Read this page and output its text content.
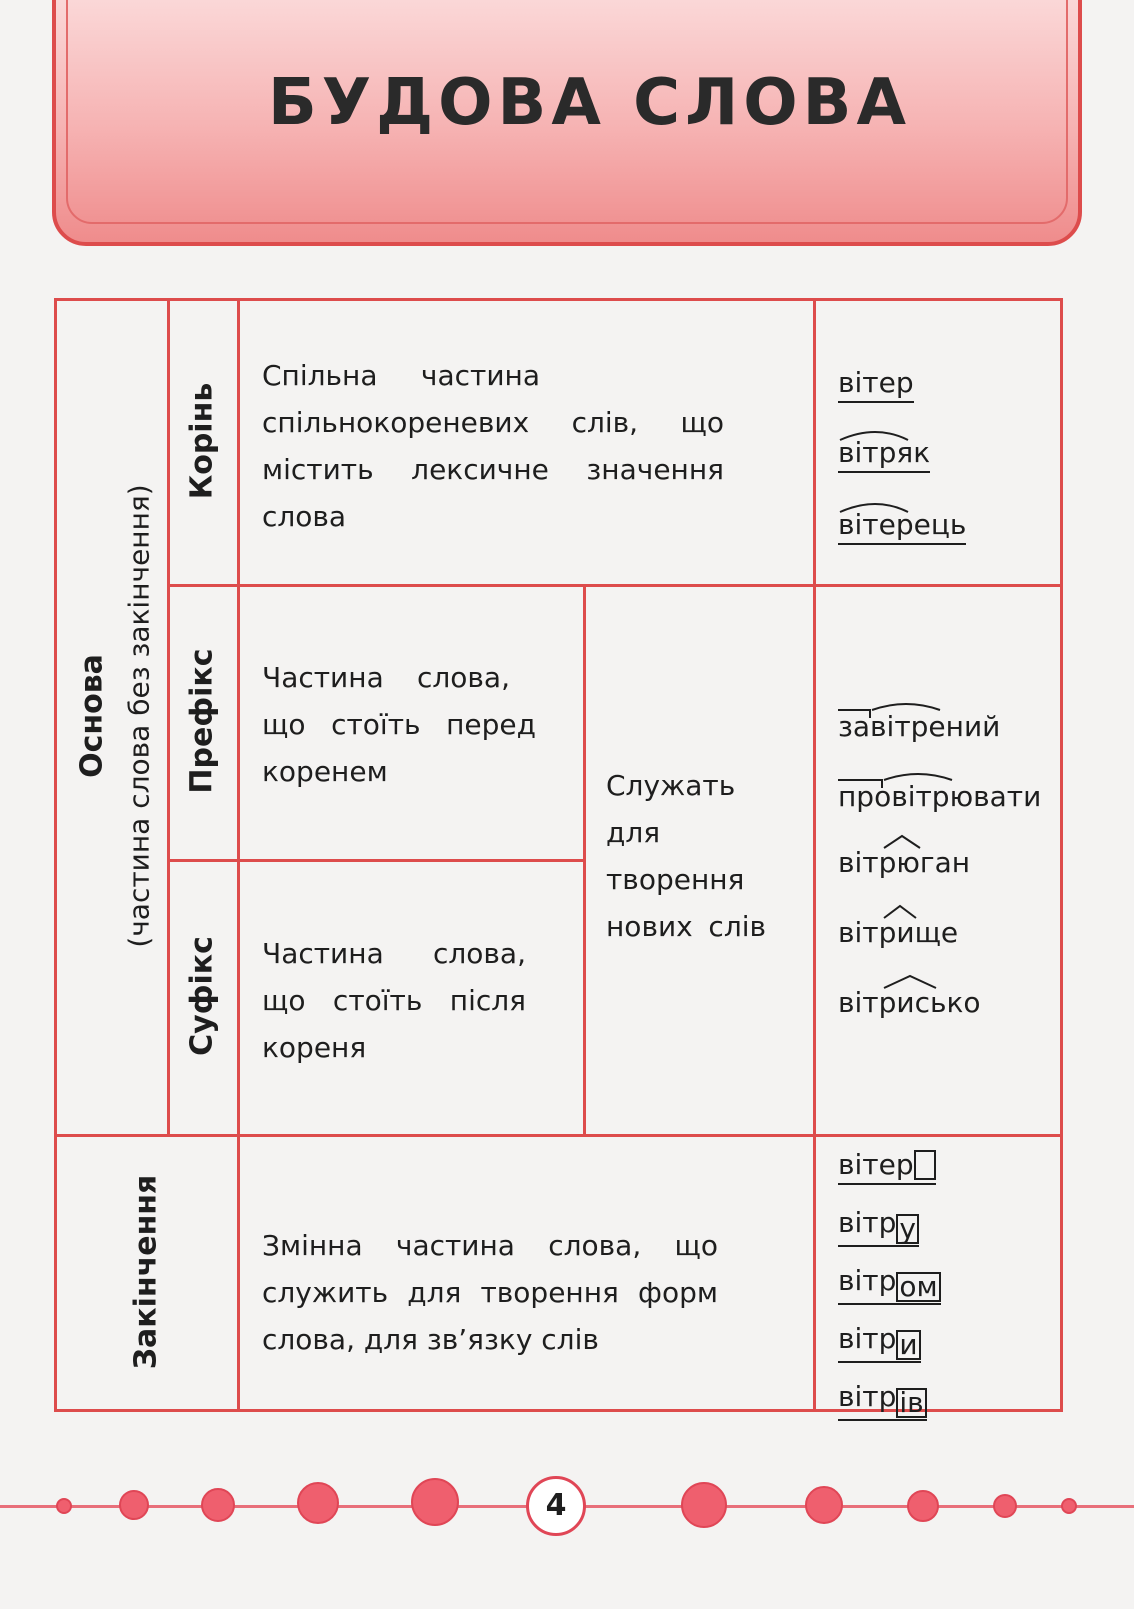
БУДОВА СЛОВА
Основа (частина слова без закінчення)
Корінь
Префікс
Суфікс
Закінчення
Спільна частина
спільнокореневих слів, що
містить лексичне значення
слова
Частина слова,
що стоїть перед
коренем
Частина слова,
що стоїть після
кореня
Служать
для
творення
нових слів
Змінна частина слова, що
служить для творення форм
слова, для зв’язку слів
вітер
вітряк
вітерець
завітрений
провітрювати
вітрюган
вітрище
вітрисько
вітер
вітр у
вітр ом
вітр и
вітр ів
4
